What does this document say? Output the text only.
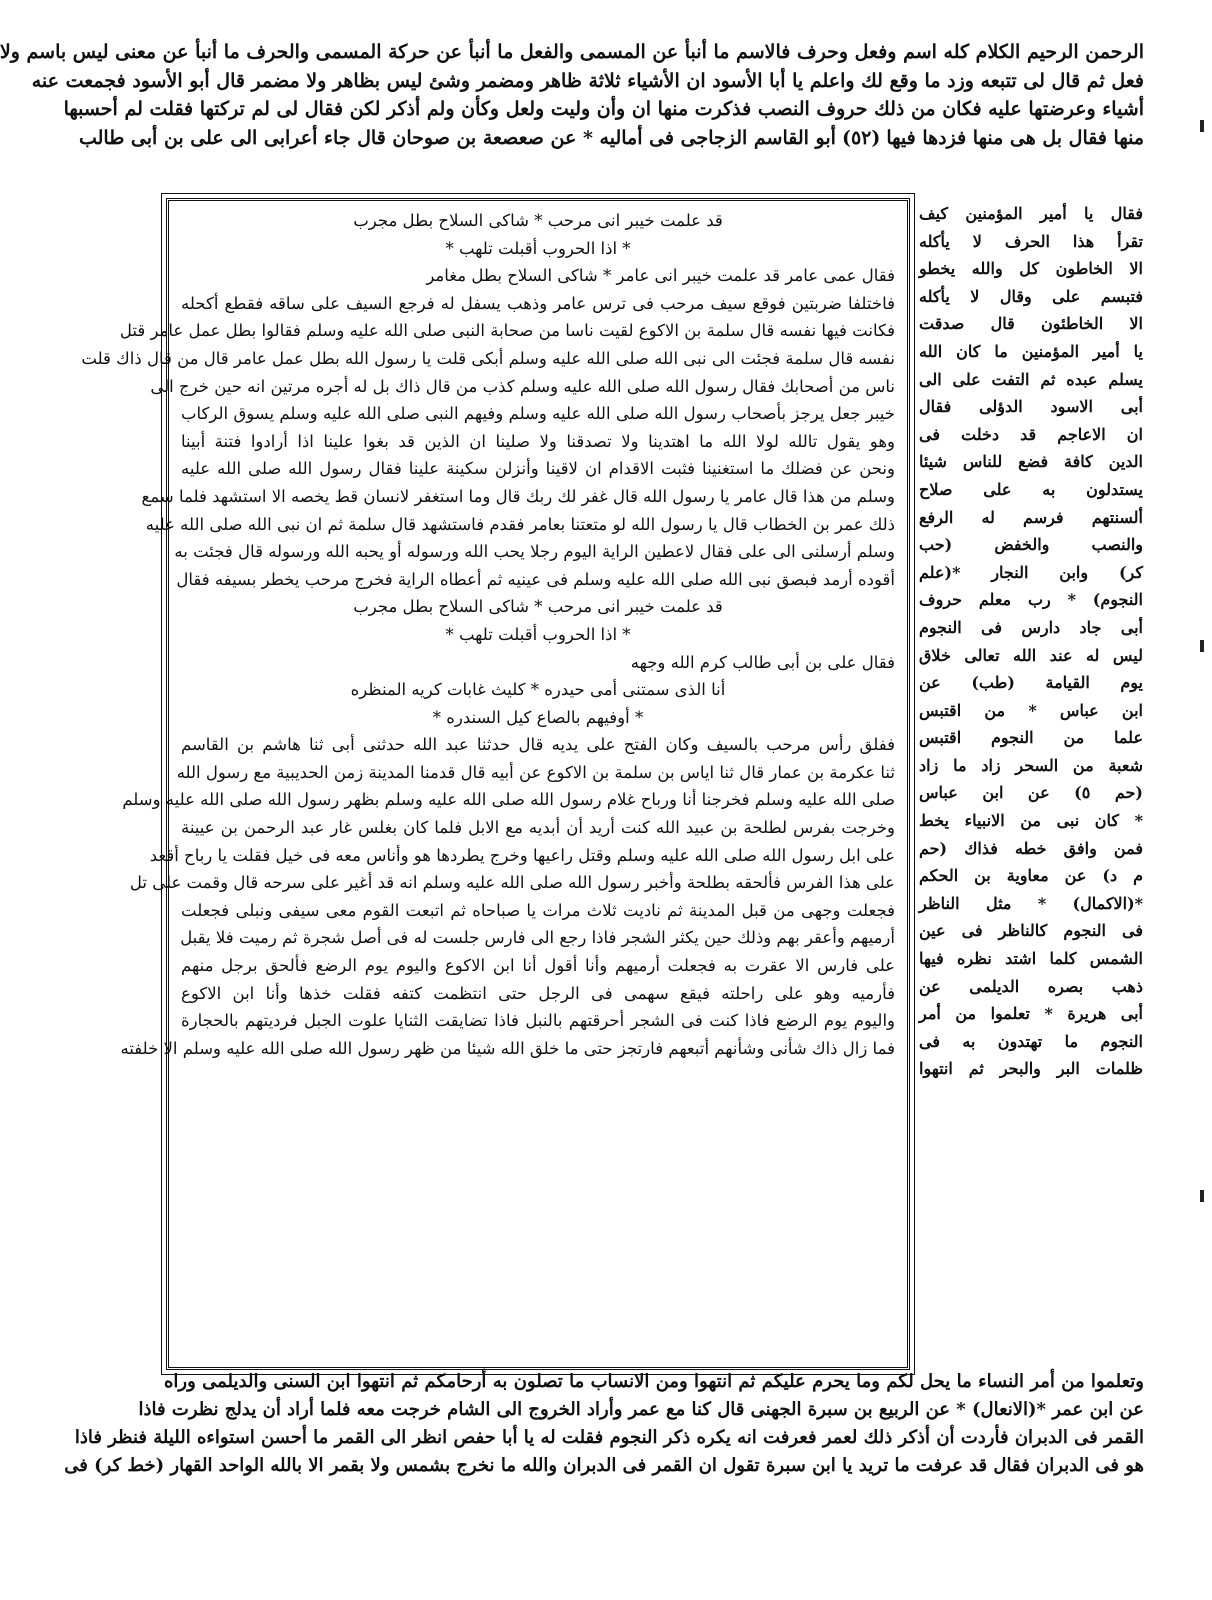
الرحمن الرحيم الكلام كله اسم وفعل وحرف فالاسم ما أنبأ عن المسمى والفعل ما أنبأ عن حركة المسمى والحرف ما أنبأ عن معنى ليس باسم ولا
فعل ثم قال لى تتبعه وزد ما وقع لك واعلم يا أبا الأسود ان الأشياء ثلاثة ظاهر ومضمر وشئ ليس بظاهر ولا مضمر قال أبو الأسود فجمعت عنه
أشياء وعرضتها عليه فكان من ذلك حروف النصب فذكرت منها ان وأن وليت ولعل وكأن ولم أذكر لكن فقال لى لم تركتها فقلت لم أحسبها
منها فقال بل هى منها فزدها فيها(٥٢)أبو القاسم الزجاجى فى أماليه * عن صعصعة بن صوحان قال جاء أعرابى الى على بن أبى طالب
قد علمت خيبر انى مرحب * شاكى السلاح بطل مجرب
* اذا الحروب أقبلت تلهب *
فقال عمى عامر قد علمت خيبر انى عامر * شاكى السلاح بطل مغامر
فاختلفا ضربتين فوقع سيف مرحب فى ترس عامر وذهب يسفل له فرجع السيف على ساقه فقطع أكحله
فكانت فيها نفسه قال سلمة بن الاكوع لقيت ناسا من صحابة النبى صلى الله عليه وسلم فقالوا بطل عمل عامر قتل
نفسه قال سلمة فجئت الى نبى الله صلى الله عليه وسلم أبكى قلت يا رسول الله بطل عمل عامر قال من قال ذاك قلت
ناس من أصحابك فقال رسول الله صلى الله عليه وسلم كذب من قال ذاك بل له أجره مرتين انه حين خرج الى
خيبر جعل يرجز بأصحاب رسول الله صلى الله عليه وسلم وفيهم النبى صلى الله عليه وسلم يسوق الركاب
وهو يقول تالله لولا الله ما اهتدينا ولا تصدقنا ولا صلينا ان الذين قد بغوا علينا اذا أرادوا فتنة أبينا
ونحن عن فضلك ما استغنينا فثبت الاقدام ان لاقينا وأنزلن سكينة علينا فقال رسول الله صلى الله عليه
وسلم من هذا قال عامر يا رسول الله قال غفر لك ربك قال وما استغفر لانسان قط يخصه الا استشهد فلما سمع
ذلك عمر بن الخطاب قال يا رسول الله لو متعتنا بعامر فقدم فاستشهد قال سلمة ثم ان نبى الله صلى الله عليه
وسلم أرسلنى الى على فقال لاعطين الراية اليوم رجلا يحب الله ورسوله أو يحبه الله ورسوله قال فجئت به
أقوده أرمد فبصق نبى الله صلى الله عليه وسلم فى عينيه ثم أعطاه الراية فخرج مرحب يخطر بسيفه فقال
قد علمت خيبر انى مرحب * شاكى السلاح بطل مجرب
* اذا الحروب أقبلت تلهب *
فقال على بن أبى طالب كرم الله وجهه
أنا الذى سمتنى أمى حيدره * كليث غابات كريه المنظره
* أوفيهم بالصاع كيل السندره *
ففلق رأس مرحب بالسيف وكان الفتح على يديه قال حدثنا عبد الله حدثنى أبى ثنا هاشم بن القاسم
ثنا عكرمة بن عمار قال ثنا اياس بن سلمة بن الاكوع عن أبيه قال قدمنا المدينة زمن الحديبية مع رسول الله
صلى الله عليه وسلم فخرجنا أنا ورباح غلام رسول الله صلى الله عليه وسلم بظهر رسول الله صلى الله عليه وسلم
وخرجت بفرس لطلحة بن عبيد الله كنت أريد أن أبديه مع الابل فلما كان بغلس غار عبد الرحمن بن عيينة
على ابل رسول الله صلى الله عليه وسلم وقتل راعيها وخرج يطردها هو وأناس معه فى خيل فقلت يا رباح أقعد
على هذا الفرس فألحقه بطلحة وأخبر رسول الله صلى الله عليه وسلم انه قد أغير على سرحه قال وقمت على تل
فجعلت وجهى من قبل المدينة ثم ناديت ثلاث مرات يا صباحاه ثم اتبعت القوم معى سيفى ونبلى فجعلت
أرميهم وأعقر بهم وذلك حين يكثر الشجر فاذا رجع الى فارس جلست له فى أصل شجرة ثم رميت فلا يقبل
على فارس الا عقرت به فجعلت أرميهم وأنا أقول أنا ابن الاكوع واليوم يوم الرضع فألحق برجل منهم
فأرميه وهو على راحلته فيقع سهمى فى الرجل حتى انتظمت كتفه فقلت خذها وأنا ابن الاكوع
واليوم يوم الرضع فاذا كنت فى الشجر أحرقتهم بالنبل فاذا تضايقت الثنايا علوت الجبل فرديتهم بالحجارة
فما زال ذاك شأنى وشأنهم أتبعهم فارتجز حتى ما خلق الله شيئا من ظهر رسول الله صلى الله عليه وسلم الا خلفته
فقال يا أمير المؤمنين كيف
تقرأ هذا الحرف لا يأكله
الا الخاطون كل والله يخطو
فتبسم على وقال لا يأكله
الا الخاطئون قال صدقت
يا أمير المؤمنين ما كان الله
يسلم عبده ثم التفت على الى
أبى الاسود الدؤلى فقال
ان الاعاجم قد دخلت فى
الدين كافة فضع للناس شيئا
يستدلون به على صلاح
ألسنتهم فرسم له الرفع
والنصب والخفض (حب
كر) وابن النجار *(علم
النجوم) * رب معلم حروف
أبى جاد دارس فى النجوم
ليس له عند الله تعالى خلاق
يوم القيامة (طب) عن
ابن عباس * من اقتبس
علما من النجوم اقتبس
شعبة من السحر زاد ما زاد
(حم ٥) عن ابن عباس
* كان نبى من الانبياء يخط
فمن وافق خطه فذاك (حم
م د) عن معاوية بن الحكم
*(الاكمال) * مثل الناظر
فى النجوم كالناظر فى عين
الشمس كلما اشتد نظره فيها
ذهب بصره الديلمى عن
أبى هريرة * تعلموا من أمر
النجوم ما تهتدون به فى
ظلمات البر والبحر ثم انتهوا
وتعلموا من أمر النساء ما يحل لكم وما يحرم عليكم ثم انتهوا ومن الانساب ما تصلون به أرحامكم ثم انتهوا ابن السنى والديلمى وراه
عن ابن عمر *(الانعال) * عن الربيع بن سبرة الجهنى قال كنا مع عمر وأراد الخروج الى الشام خرجت معه فلما أراد أن يدلج نظرت فاذا
القمر فى الدبران فأردت أن أذكر ذلك لعمر فعرفت انه يكره ذكر النجوم فقلت له يا أبا حفص انظر الى القمر ما أحسن استواءه الليلة فنظر فاذا
هو فى الدبران فقال قد عرفت ما تريد يا ابن سبرة تقول ان القمر فى الدبران والله ما نخرج بشمس ولا بقمر الا بالله الواحد القهار (خط كر) فى
